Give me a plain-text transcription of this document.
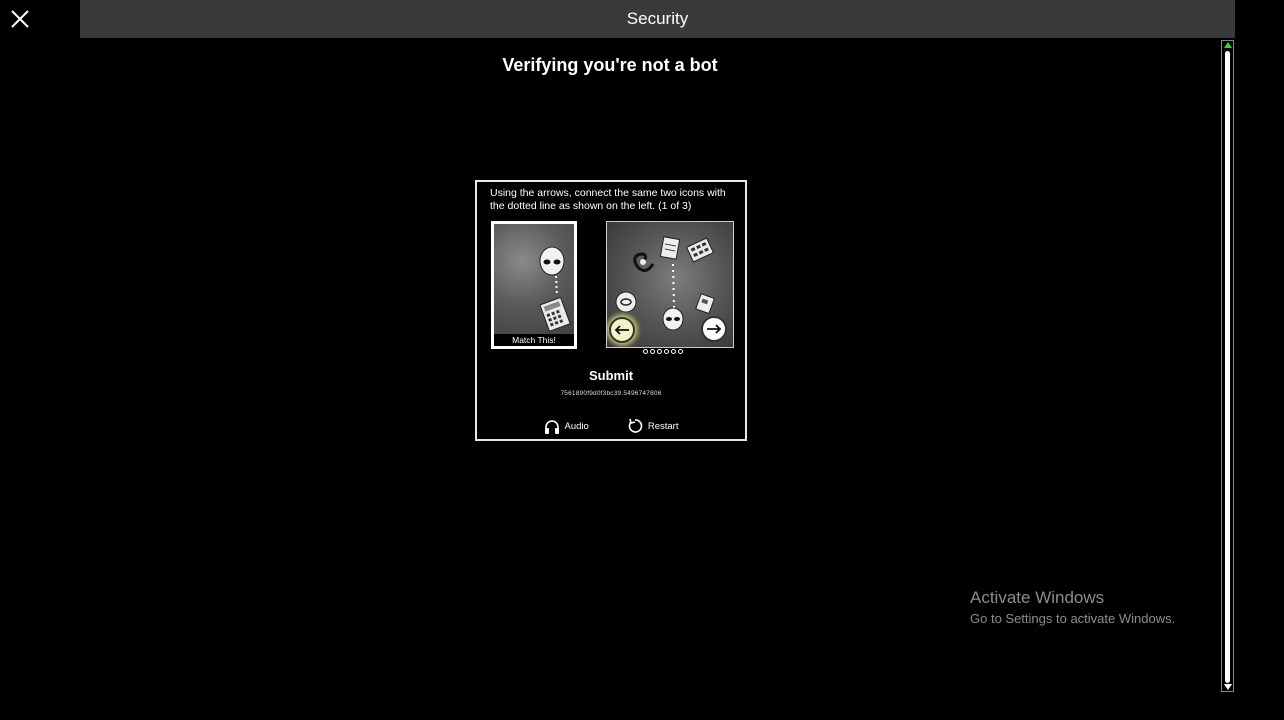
Security
Verifying you're not a bot
Using the arrows, connect the same two icons with the dotted line as shown on the left. (1 of 3)
Match This!
Submit
7561890f9d0f3bc39.5496747806
Audio	Restart
Activate Windows
Go to Settings to activate Windows.
